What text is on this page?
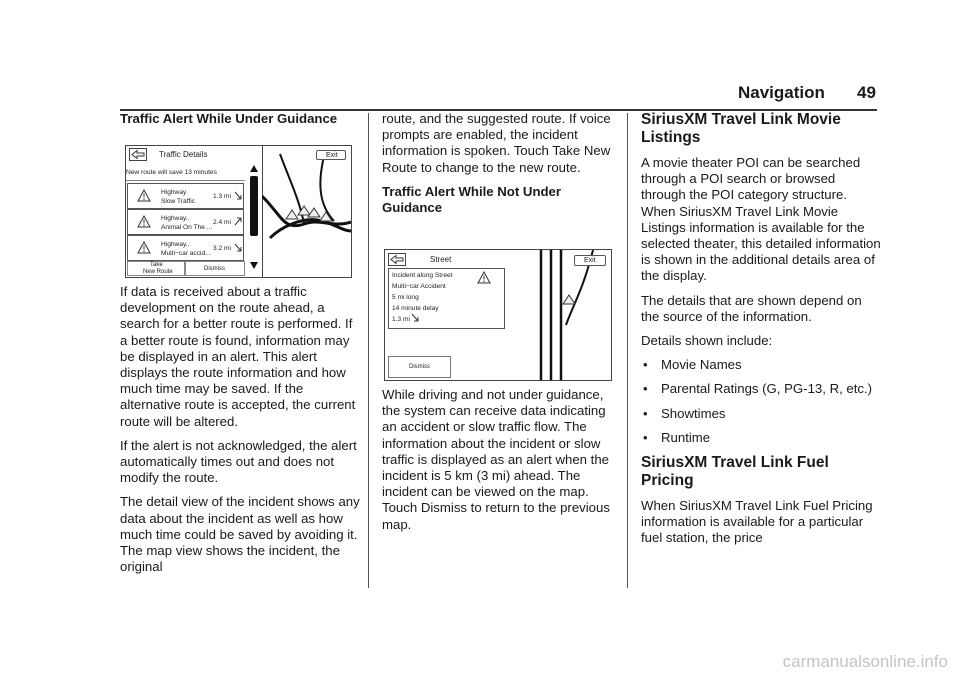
Navigation 49
Traffic Alert While Under Guidance
Traffic Details
New route will save 13 minutes
Highway
Slow Traffic
1.3 mi
Highway..
Animal On The ...
2.4 mi
Highway..
Multi−car accid...
3.2 mi
Take
New Route	Dismiss
Exit

If data is received about a traffic development on the route ahead, a search for a better route is performed. If a better route is found, information may be displayed in an alert. This alert displays the route information and how much time may be saved. If the alternative route is accepted, the current route will be altered.

If the alert is not acknowledged, the alert automatically times out and does not modify the route.

The detail view of the incident shows any data about the incident as well as how much time could be saved by avoiding it. The map view shows the incident, the original

route, and the suggested route. If voice prompts are enabled, the incident information is spoken. Touch Take New Route to change to the new route.

Traffic Alert While Not Under Guidance
Street
Incident along Street
Multi−car Accident
5 mi long
14 minute delay
1.3 mi
Dismiss
Exit

While driving and not under guidance, the system can receive data indicating an accident or slow traffic flow. The information about the incident or slow traffic is displayed as an alert when the incident is 5 km (3 mi) ahead. The incident can be viewed on the map. Touch Dismiss to return to the previous map.

SiriusXM Travel Link Movie Listings

A movie theater POI can be searched through a POI search or browsed through the POI category structure. When SiriusXM Travel Link Movie Listings information is available for the selected theater, this detailed information is shown in the additional details area of the display.

The details that are shown depend on the source of the information.

Details shown include:

• Movie Names
• Parental Ratings (G, PG-13, R, etc.)
• Showtimes
• Runtime
SiriusXM Travel Link Fuel Pricing

When SiriusXM Travel Link Fuel Pricing information is available for a particular fuel station, the price

carmanualsonline.info
